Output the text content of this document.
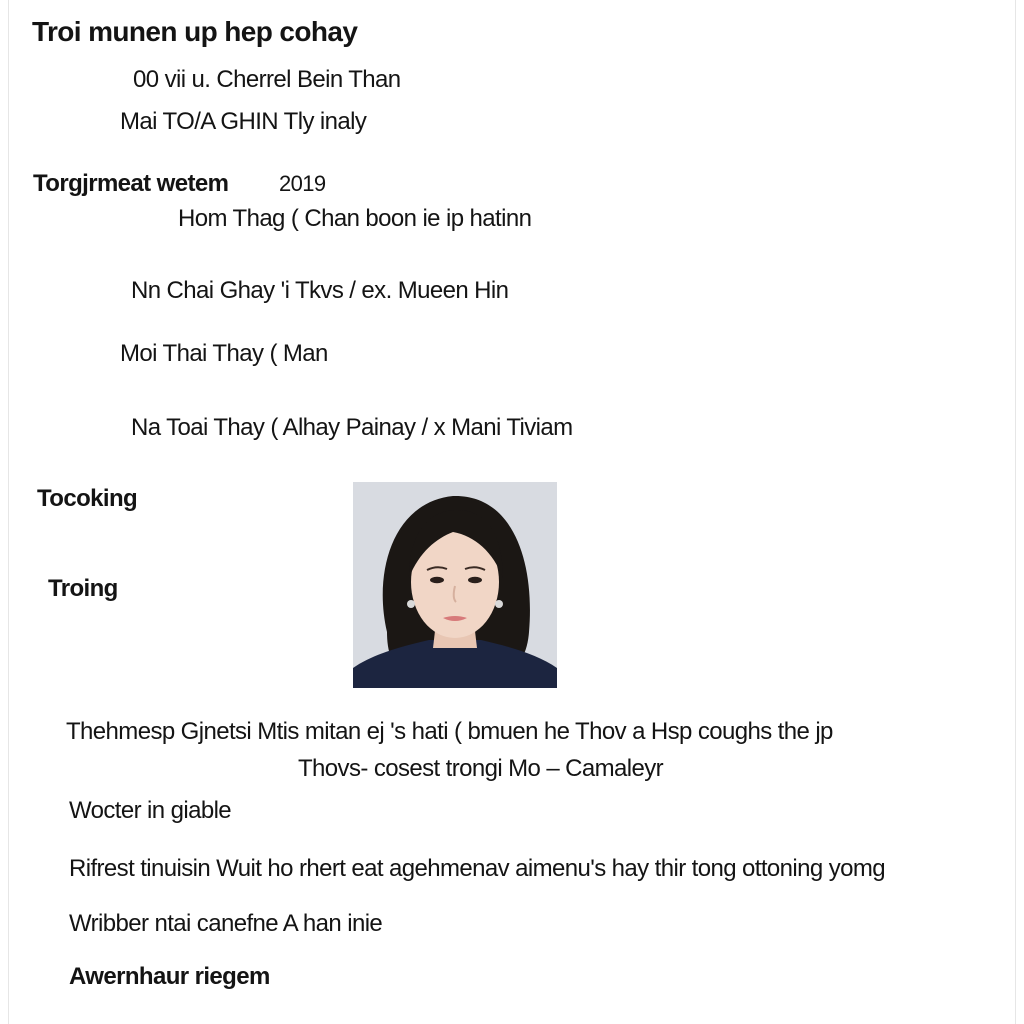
Troi munen up hep cohay
00 vii u. Cherrel Bein Than
Mai TO/A GHIN Tly inaly
Torgjrmeat wetem 2019
Hom Thag ( Chan boon ie ip hatinn
Nn Chai Ghay 'i Tkvs / ex. Mueen Hin
Moi Thai Thay ( Man
Na Toai Thay ( Alhay Painay / x Mani Tiviam
Tocoking
Troing
Thehmesp Gjnetsi Mtis mitan ej 's hati ( bmuen he Thov a Hsp coughs the jp
Thovs- cosest trongi Mo – Camaleyr
Wocter in giable
Rifrest tinuisin Wuit ho rhert eat agehmenav aimenu's hay thir tong ottoning yomg
Wribber ntai canefne A han inie
Awernhaur riegem
